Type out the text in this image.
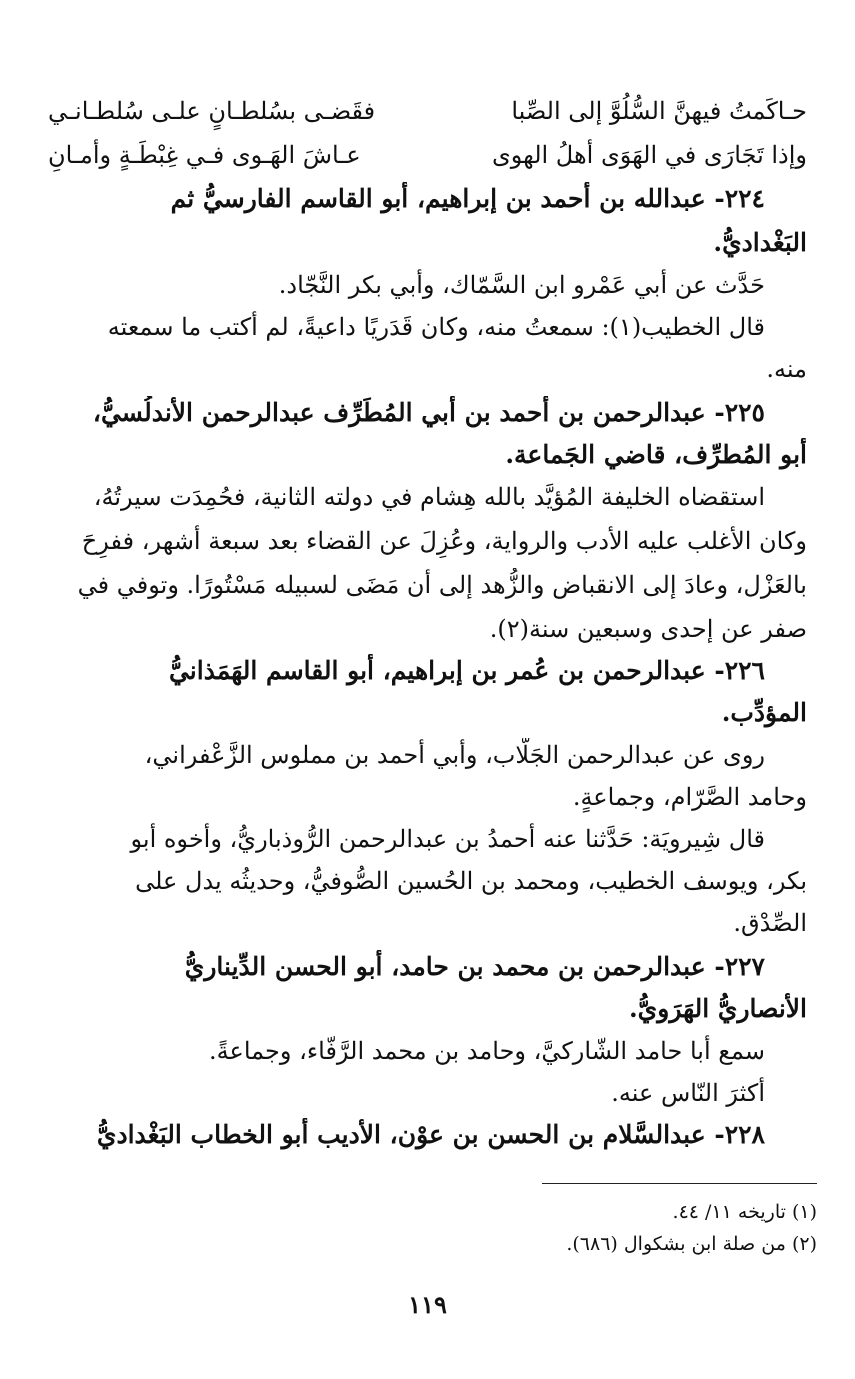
حـاكَمتُ فيهنَّ السُّلُوَّ إلى الصِّبا
فقَضـى بسُلطـانٍ علـى سُلطـانـي
وإذا تَجَارَى في الهَوَى أهلُ الهوى
عـاشَ الهَـوى فـي غِبْطَـةٍ وأمـانِ
٢٢٤- عبدالله بن أحمد بن إبراهيم، أبو القاسم الفارسيُّ ثم
البَغْداديُّ.
حَدَّث عن أبي عَمْرو ابن السَّمّاك، وأبي بكر النَّجّاد.
قال الخطيب(١): سمعتُ منه، وكان قَدَريًا داعيةً، لم أكتب ما سمعته
منه.
٢٢٥- عبدالرحمن بن أحمد بن أبي المُطَرِّف عبدالرحمن الأندلُسيُّ،
أبو المُطرِّف، قاضي الجَماعة.
استقضاه الخليفة المُؤيَّد بالله هِشام في دولته الثانية، فحُمِدَت سيرتُهُ،
وكان الأغلب عليه الأدب والرواية، وعُزِلَ عن القضاء بعد سبعة أشهر، ففرِحَ
بالعَزْل، وعادَ إلى الانقباض والزُّهد إلى أن مَضَى لسبيله مَسْتُورًا. وتوفي في
صفر عن إحدى وسبعين سنة(٢).
٢٢٦- عبدالرحمن بن عُمر بن إبراهيم، أبو القاسم الهَمَذانيُّ
المؤدِّب.
روى عن عبدالرحمن الجَلّاب، وأبي أحمد بن مملوس الزَّعْفراني،
وحامد الصَّرّام، وجماعةٍ.
قال شِيرويَة: حَدَّثنا عنه أحمدُ بن عبدالرحمن الرُّوذباريُّ، وأخوه أبو
بكر، ويوسف الخطيب، ومحمد بن الحُسين الصُّوفيُّ، وحديثُه يدل على
الصِّدْق.
٢٢٧- عبدالرحمن بن محمد بن حامد، أبو الحسن الدِّيناريُّ
الأنصاريُّ الهَرَويُّ.
سمع أبا حامد الشّاركيَّ، وحامد بن محمد الرَّفّاء، وجماعةً.
أكثرَ النّاس عنه.
٢٢٨- عبدالسَّلام بن الحسن بن عوْن، الأديب أبو الخطاب البَغْداديُّ
(١) تاريخه ١١/ ٤٤.
(٢) من صلة ابن بشكوال (٦٨٦).
١١٩
